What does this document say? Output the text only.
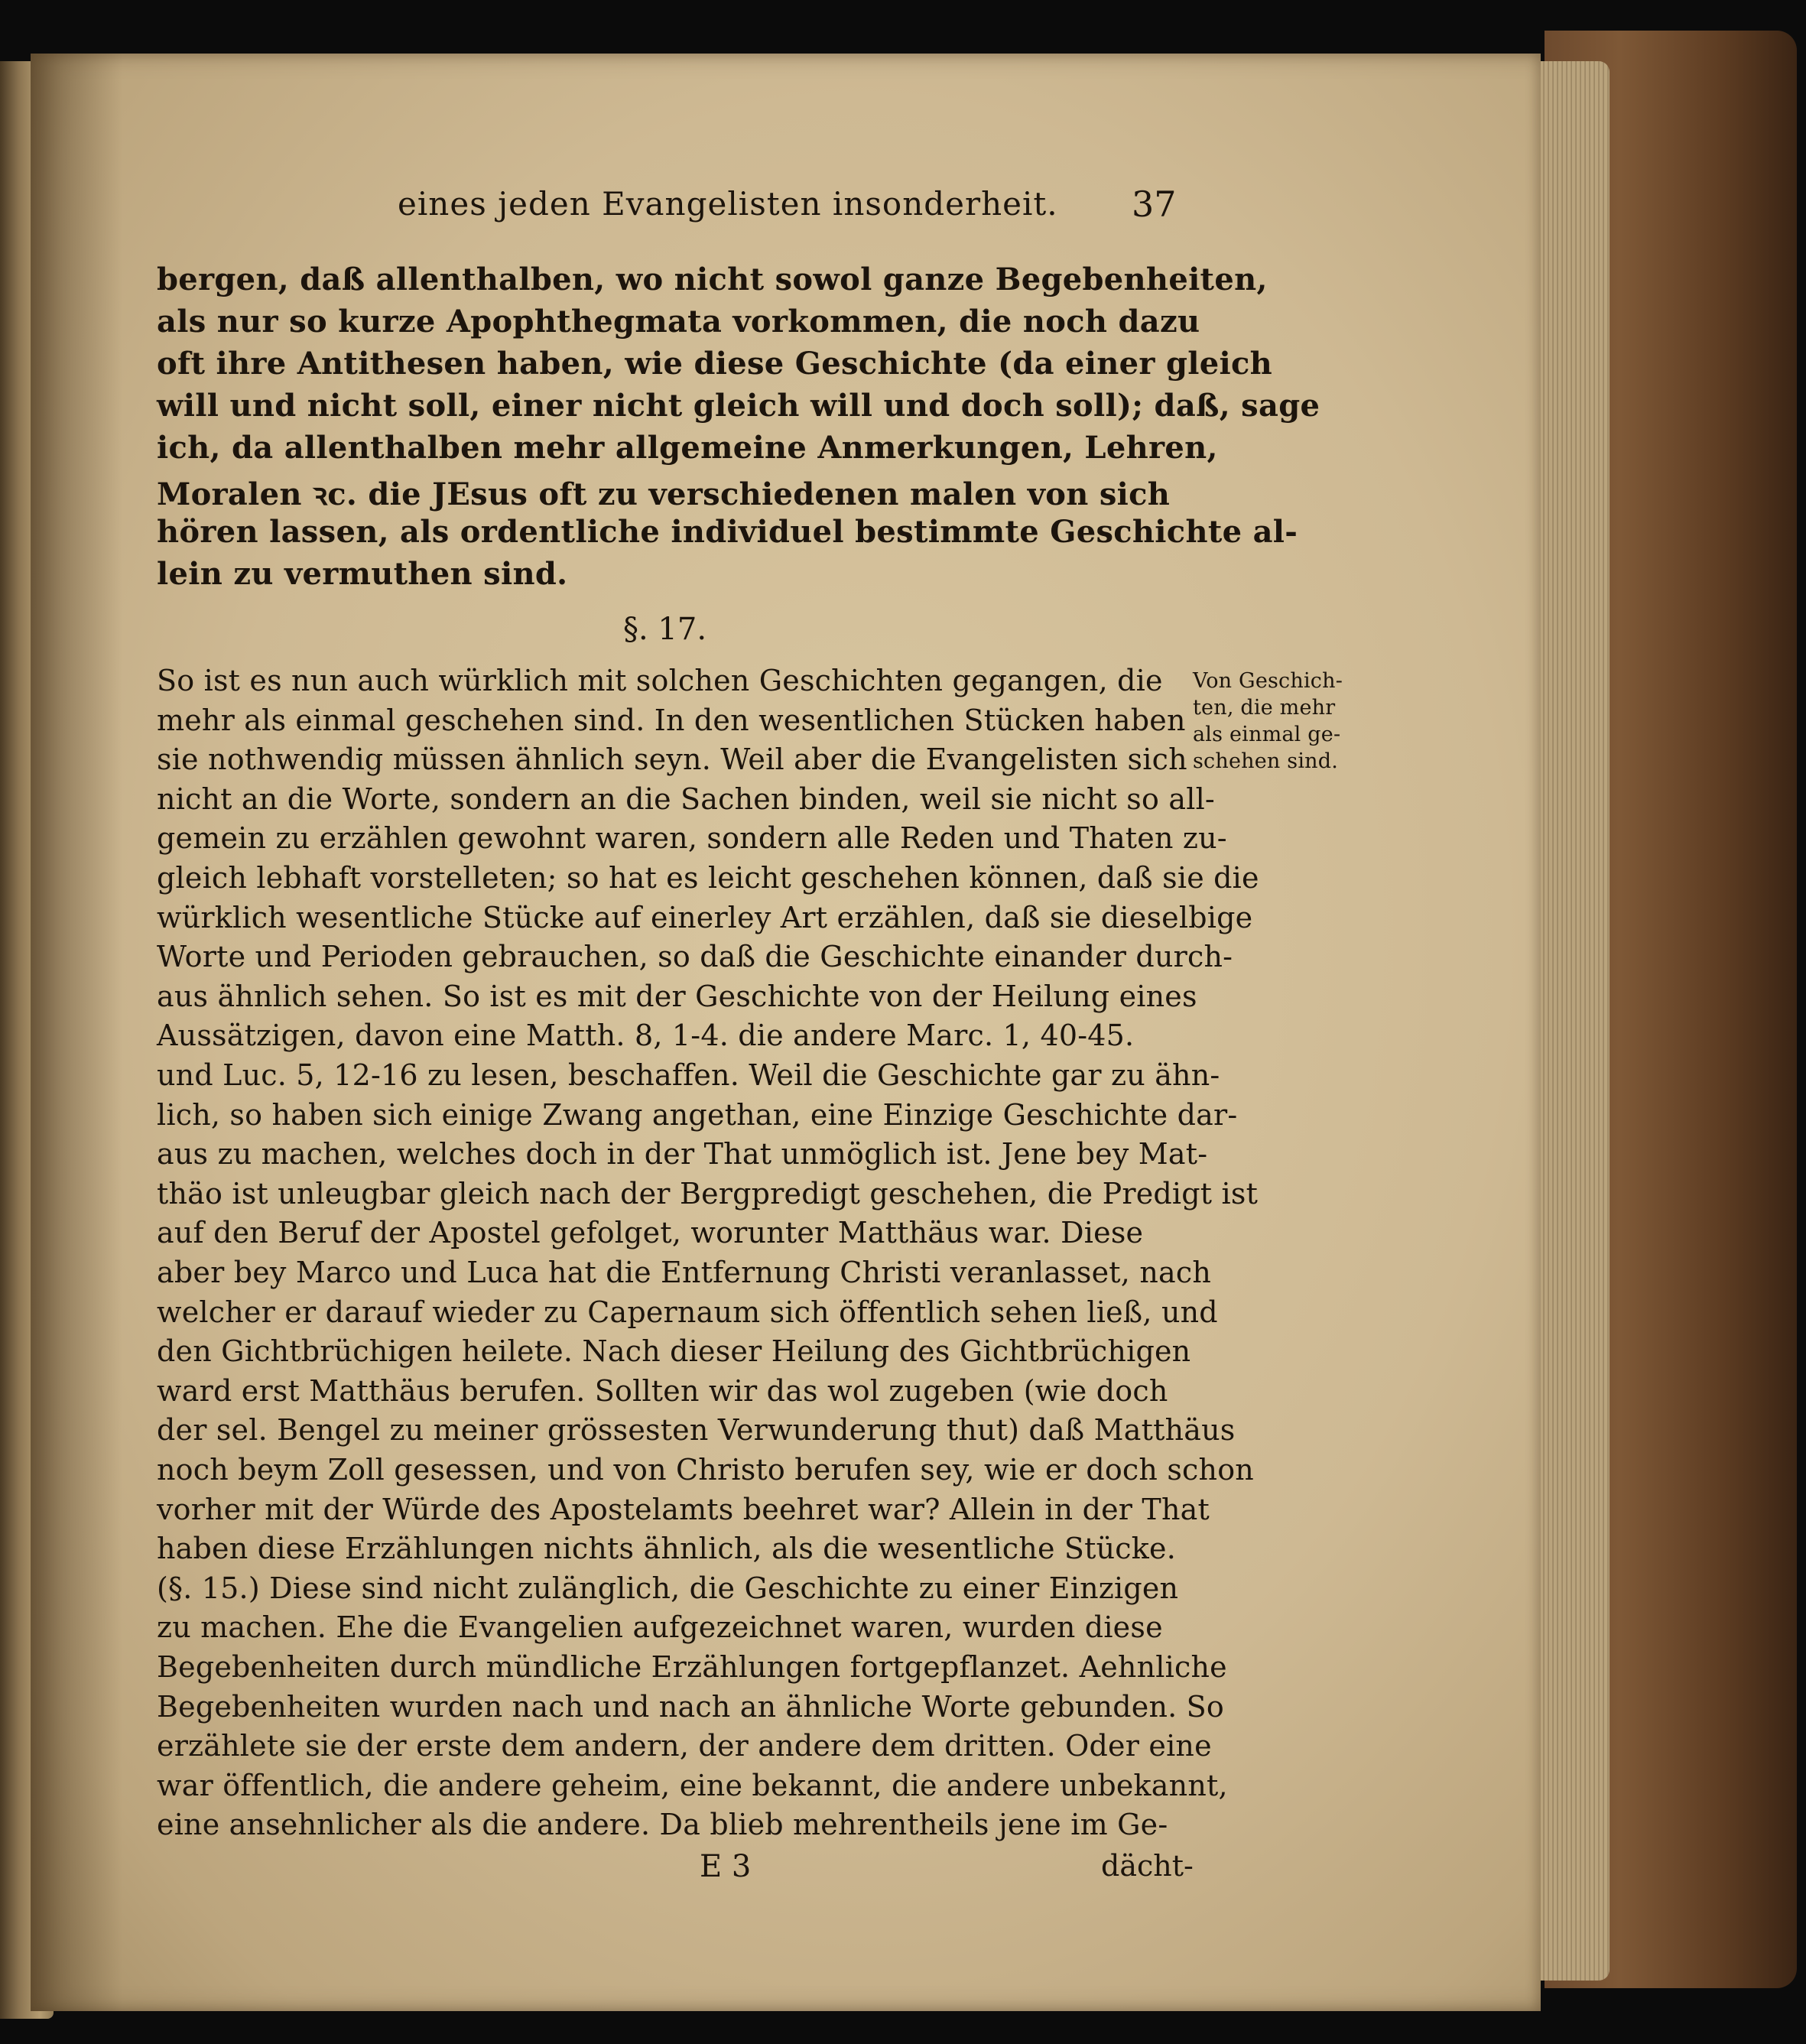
eines jeden Evangelisten insonderheit. 37
bergen, daß allenthalben, wo nicht sowol ganze Begebenheiten,
als nur so kurze Apophthegmata vorkommen, die noch dazu
oft ihre Antithesen haben, wie diese Geschichte (da einer gleich
will und nicht soll, einer nicht gleich will und doch soll); daß, sage
ich, da allenthalben mehr allgemeine Anmerkungen, Lehren,
Moralen ꝛc. die JEsus oft zu verschiedenen malen von sich
hören lassen, als ordentliche individuel bestimmte Geschichte al-
lein zu vermuthen sind.
§. 17.
So ist es nun auch würklich mit solchen Geschichten gegangen, die
mehr als einmal geschehen sind. In den wesentlichen Stücken haben
sie nothwendig müssen ähnlich seyn. Weil aber die Evangelisten sich
nicht an die Worte, sondern an die Sachen binden, weil sie nicht so all-
gemein zu erzählen gewohnt waren, sondern alle Reden und Thaten zu-
gleich lebhaft vorstelleten; so hat es leicht geschehen können, daß sie die
würklich wesentliche Stücke auf einerley Art erzählen, daß sie dieselbige
Worte und Perioden gebrauchen, so daß die Geschichte einander durch-
aus ähnlich sehen. So ist es mit der Geschichte von der Heilung eines
Aussätzigen, davon eine Matth. 8, 1-4. die andere Marc. 1, 40-45.
und Luc. 5, 12-16 zu lesen, beschaffen. Weil die Geschichte gar zu ähn-
lich, so haben sich einige Zwang angethan, eine Einzige Geschichte dar-
aus zu machen, welches doch in der That unmöglich ist. Jene bey Mat-
thäo ist unleugbar gleich nach der Bergpredigt geschehen, die Predigt ist
auf den Beruf der Apostel gefolget, worunter Matthäus war. Diese
aber bey Marco und Luca hat die Entfernung Christi veranlasset, nach
welcher er darauf wieder zu Capernaum sich öffentlich sehen ließ, und
den Gichtbrüchigen heilete. Nach dieser Heilung des Gichtbrüchigen
ward erst Matthäus berufen. Sollten wir das wol zugeben (wie doch
der sel. Bengel zu meiner grössesten Verwunderung thut) daß Matthäus
noch beym Zoll gesessen, und von Christo berufen sey, wie er doch schon
vorher mit der Würde des Apostelamts beehret war? Allein in der That
haben diese Erzählungen nichts ähnlich, als die wesentliche Stücke.
(§. 15.) Diese sind nicht zulänglich, die Geschichte zu einer Einzigen
zu machen. Ehe die Evangelien aufgezeichnet waren, wurden diese
Begebenheiten durch mündliche Erzählungen fortgepflanzet. Aehnliche
Begebenheiten wurden nach und nach an ähnliche Worte gebunden. So
erzählete sie der erste dem andern, der andere dem dritten. Oder eine
war öffentlich, die andere geheim, eine bekannt, die andere unbekannt,
eine ansehnlicher als die andere. Da blieb mehrentheils jene im Ge-
Von Geschich-
ten, die mehr
als einmal ge-
schehen sind.
E 3	dächt-
